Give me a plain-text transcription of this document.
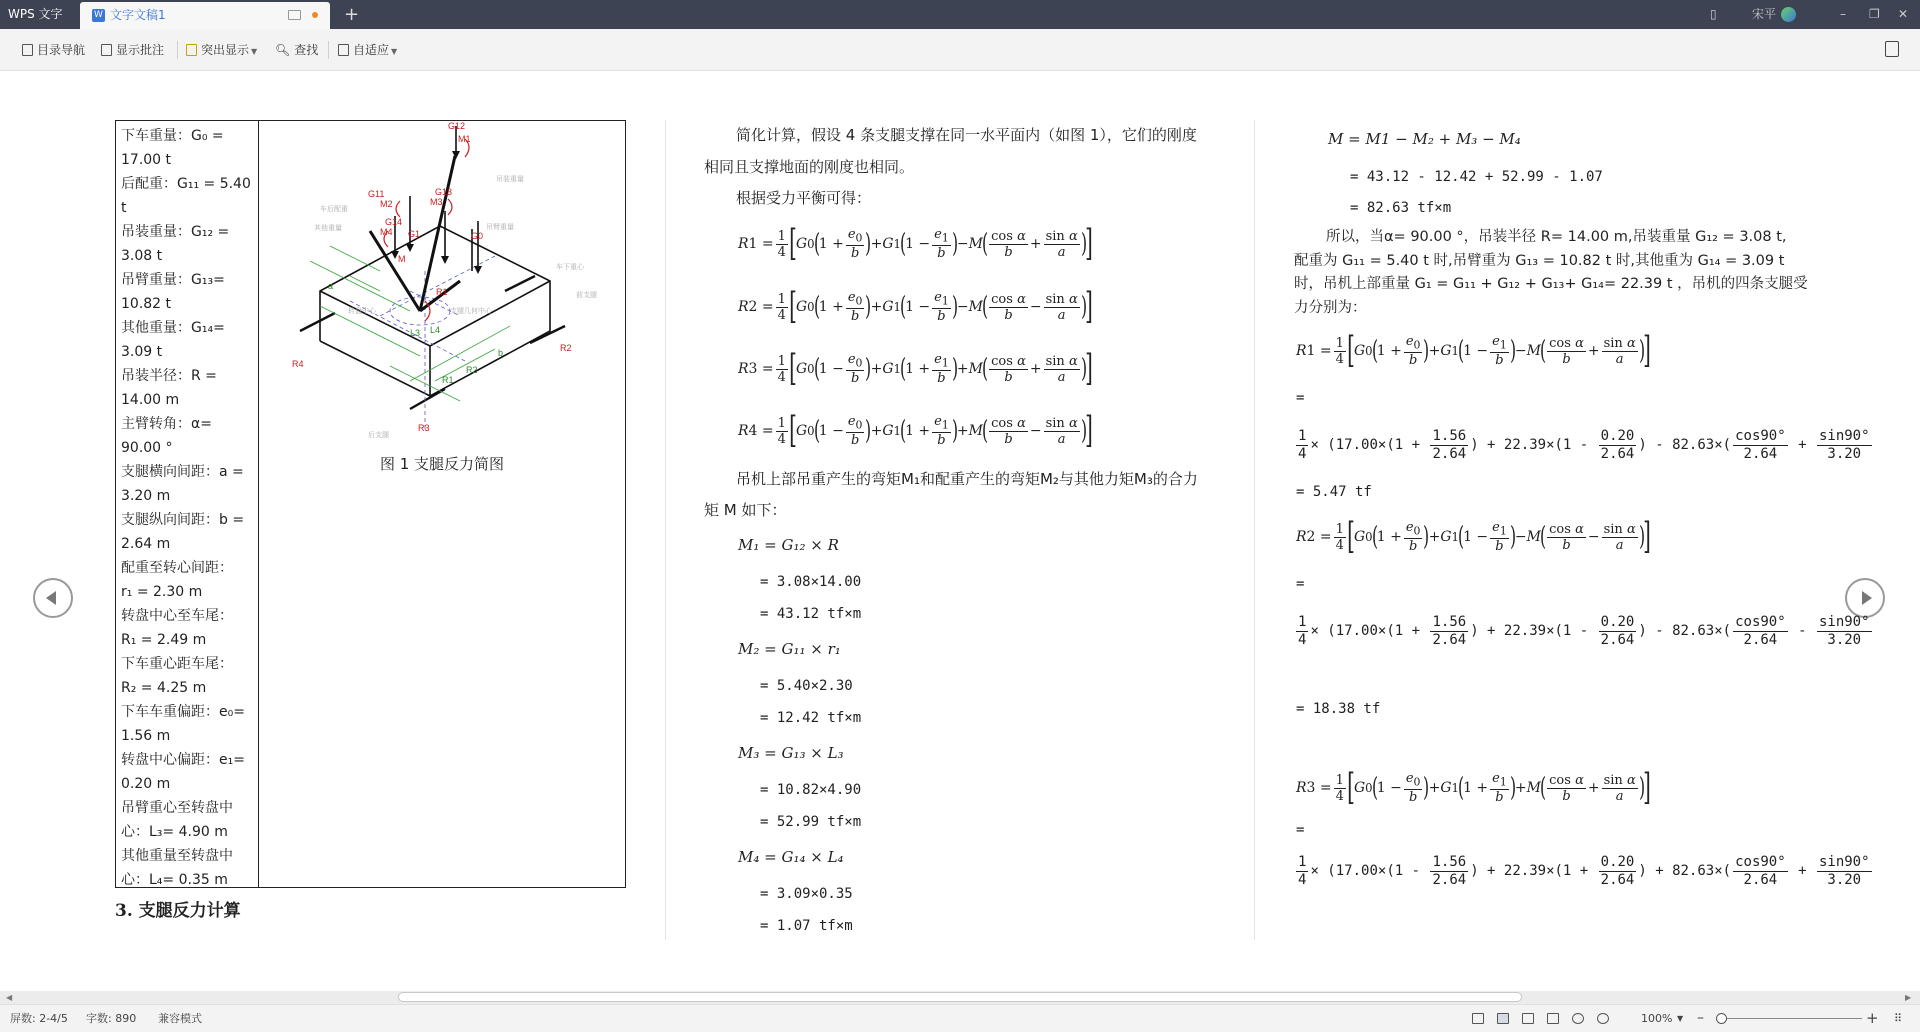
WPS 文字	W 文字文稿1	+	▯	宋平	– ❐ ✕
目录导航	显示批注	突出显示 ▼ 🔍︎ 查找	自适应 ▼
下车重量：G₀ =
17.00 t
后配重：G₁₁ = 5.40
t
吊装重量：G₁₂ =
3.08 t
吊臂重量：G₁₃=
10.82 t
其他重量：G₁₄=
3.09 t
吊装半径：R =
14.00 m
主臂转角：α=
90.00 °
支腿横向间距：a =
3.20 m
支腿纵向间距：b =
2.64 m
配重至转心间距：
r₁ = 2.30 m
转盘中心至车尾：
R₁ = 2.49 m
下车重心距车尾：
R₂ = 4.25 m
下车车重偏距：e₀=
1.56 m
转盘中心偏距：e₁=
0.20 m
吊臂重心至转盘中
心：L₃= 4.90 m
其他重量至转盘中
心：L₄= 0.35 m
G12
M1
G11
M2
G13
M3
G14
M4 G1	G0
M
R1
R2
R3
R4
a
b
R1
R2
L3 L4
吊装重量
车后配重
其他重量	吊臂重量
车下重心
转盘中心	支腿几何中心
前支腿
后支腿
图 1 支腿反力简图
3. 支腿反力计算
简化计算，假设 4 条支腿支撑在同一水平面内（如图 1），它们的刚度
相同且支撑地面的刚度也相同。
根据受力平衡可得：
R $1 = \frac{1}{4}$ [ G 0 ( $1 + \frac{e_0}{b}$ ) + G 1 ( $1 - \frac{e_1}{b}$ ) − M ( $\frac{\text{cos α}}{b} + \frac{\text{sin α}}{a}$ )
]
R $2 = \frac{1}{4}$ [ G 0 ( $1 + \frac{e_0}{b}$ ) + G 1 ( $1 - \frac{e_1}{b}$ ) − M ( $\frac{\text{cos α}}{b} - \frac{\text{sin α}}{a}$ )
]
R $3 = \frac{1}{4}$ [ G 0 ( $1 - \frac{e_0}{b}$ ) + G 1 ( $1 + \frac{e_1}{b}$ ) + M ( $\frac{\text{cos α}}{b} + \frac{\text{sin α}}{a}$ )
]
R $4 = \frac{1}{4}$ [ G 0 ( $1 - \frac{e_0}{b}$ ) + G 1 ( $1 + \frac{e_1}{b}$ ) + M ( $\frac{\text{cos α}}{b} - \frac{\text{sin α}}{a}$ )
]
吊机上部吊重产生的弯矩M₁和配重产生的弯矩M₂与其他力矩M₃的合力
矩 M 如下：
M₁ = G₁₂ × R
= 3.08×14.00
= 43.12 tf×m
M₂ = G₁₁ × r₁
= 5.40×2.30
= 12.42 tf×m
M₃ = G₁₃ × L₃
= 10.82×4.90
= 52.99 tf×m
M₄ = G₁₄ × L₄
= 3.09×0.35
= 1.07 tf×m
M = M1 − M₂ + M₃ − M₄
= 43.12 - 12.42 + 52.99 - 1.07
= 82.63 tf×m
所以，当α= 90.00 °，吊装半径 R= 14.00 m,吊装重量 G₁₂ = 3.08 t,
配重为 G₁₁ = 5.40 t 时,吊臂重为 G₁₃ = 10.82 t 时,其他重为 G₁₄ = 3.09 t
时，吊机上部重量 G₁ = G₁₁ + G₁₂ + G₁₃+ G₁₄= 22.39 t ，吊机的四条支腿受
力分别为：
R $1 = \frac{1}{4}$ [ G 0 ( $1 + \frac{e_0}{b}$ ) + G 1 ( $1 - \frac{e_1}{b}$ ) − M ( $\frac{\text{cos α}}{b} + \frac{\text{sin α}}{a}$ )
]
=
$\frac{1}{4}$ × ( $17.00 \times(1 + \frac{1.56}{2.64}$ ) + $22.39 \times(1 - \frac{0.20}{2.64}$ ) - 82.63 ×( $\frac{\cos 90^\circ}{2.64} + \frac{\sin 90^\circ}{3.20}$
= 5.47 tf
R $2 = \frac{1}{4}$ [ G 0 ( $1 + \frac{e_0}{b}$ ) + G 1 ( $1 - \frac{e_1}{b}$ ) − M ( $\frac{\text{cos α}}{b} - \frac{\text{sin α}}{a}$ )
]
=
$\frac{1}{4}$ × ( $17.00 \times(1 + \frac{1.56}{2.64}$ ) + $22.39 \times(1 - \frac{0.20}{2.64}$ ) - 82.63 ×( $\frac{\cos 90^\circ}{2.64} - \frac{\sin 90^\circ}{3.20}$
= 18.38 tf
R $3 = \frac{1}{4}$ [ G 0 ( $1 - \frac{e_0}{b}$ ) + G 1 ( $1 + \frac{e_1}{b}$ ) + M ( $\frac{\text{cos α}}{b} + \frac{\text{sin α}}{a}$ )
]
=
$\frac{1}{4}$ × ( $17.00 \times(1 - \frac{1.56}{2.64}$ ) + $22.39 \times(1 + \frac{0.20}{2.64}$ ) + 82.63 ×( $\frac{\cos 90^\circ}{2.64} + \frac{\sin 90^\circ}{3.20}$
◀	▶
屏数: 2-4/5 字数: 890 兼容模式	100% ▼ –	+ ⠿
